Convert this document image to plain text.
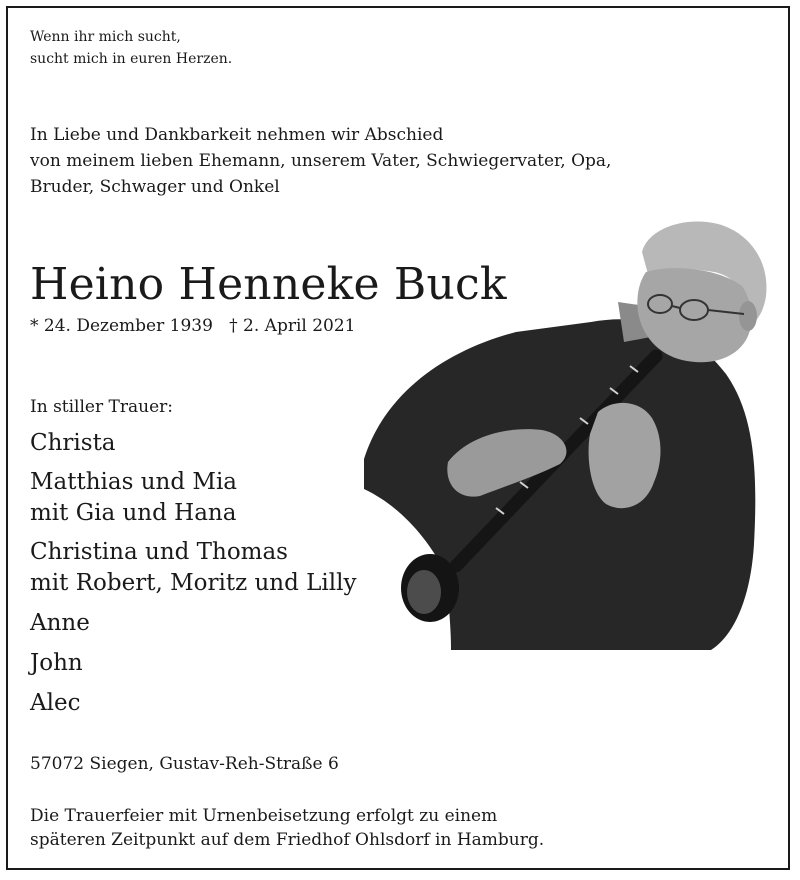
Wenn ihr mich sucht,
sucht mich in euren Herzen.
In Liebe und Dankbarkeit nehmen wir Abschied
von meinem lieben Ehemann, unserem Vater, Schwiegervater, Opa,
Bruder, Schwager und Onkel
Heino Henneke Buck
* 24. Dezember 1939 † 2. April 2021
In stiller Trauer:
Christa
Matthias und Mia
mit Gia und Hana
Christina und Thomas
mit Robert, Moritz und Lilly
Anne
John
Alec
57072 Siegen, Gustav-Reh-Straße 6
Die Trauerfeier mit Urnenbeisetzung erfolgt zu einem
späteren Zeitpunkt auf dem Friedhof Ohlsdorf in Hamburg.
